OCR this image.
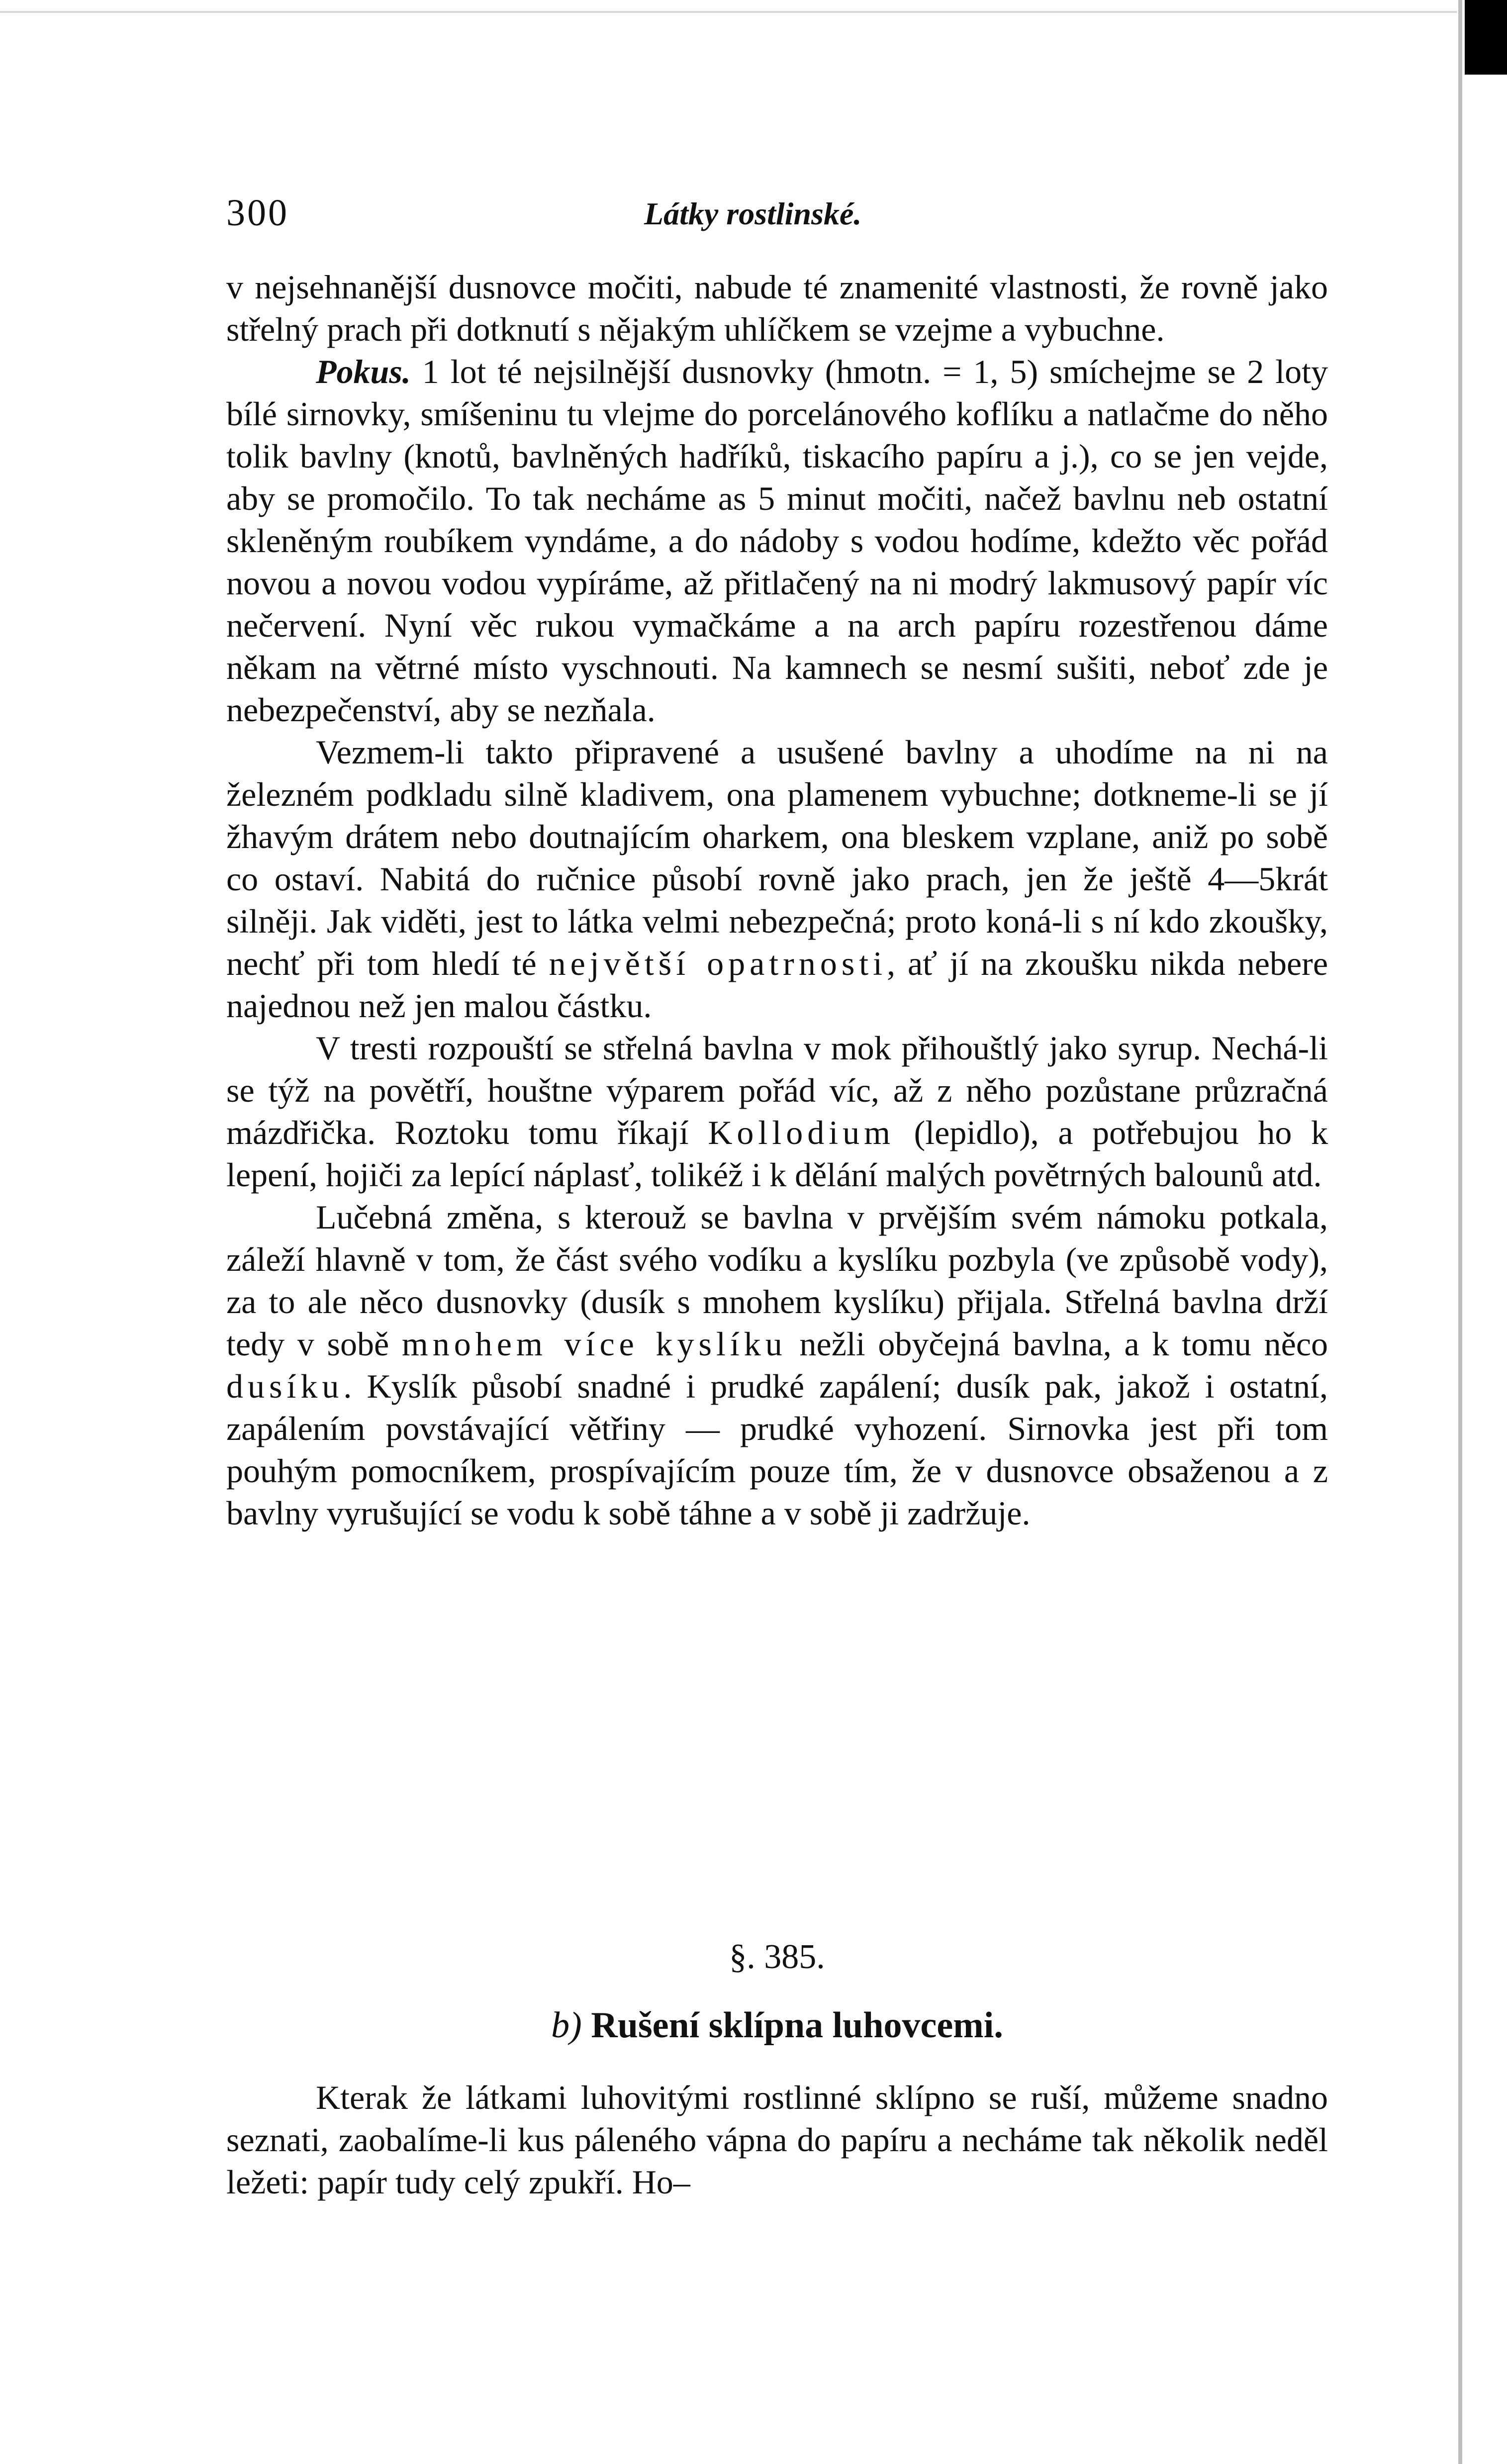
300	Látky rostlinské.

v nejsehnanější dusnovce močiti, nabude té znamenité vlastnosti, že rovně jako střelný prach při dotknutí s nějakým uhlíčkem se vzejme a vybuchne.

Pokus. 1 lot té nejsilnější dusnovky (hmotn. = 1, 5) smíchejme se 2 loty bílé sirnovky, smíšeninu tu vlejme do porcelánového koflíku a natlačme do něho tolik bavlny (knotů, bavlněných hadříků, tiskacího papíru a j.), co se jen vejde, aby se promočilo. To tak necháme as 5 minut močiti, načež bavlnu neb ostatní skleněným roubíkem vyndáme, a do nádoby s vodou hodíme, kdežto věc pořád novou a novou vodou vypíráme, až přitlačený na ni modrý lakmusový papír víc nečervení. Nyní věc rukou vymačkáme a na arch papíru rozestřenou dáme někam na větrné místo vyschnouti. Na kamnech se nesmí sušiti, neboť zde je nebezpečenství, aby se nezňala.

Vezmem-li takto připravené a usušené bavlny a uhodíme na ni na železném podkladu silně kladivem, ona plamenem vybuchne; dotkneme-li se jí žhavým drátem nebo doutnajícím oharkem, ona bleskem vzplane, aniž po sobě co ostaví. Nabitá do ručnice působí rovně jako prach, jen že ještě 4—5krát silněji. Jak viděti, jest to látka velmi nebezpečná; proto koná-li s ní kdo zkoušky, nechť při tom hledí té největší opatrnosti, ať jí na zkoušku nikda nebere najednou než jen malou částku.

V tresti rozpouští se střelná bavlna v mok přihouštlý jako syrup. Nechá-li se týž na povětří, houštne výparem pořád víc, až z něho pozůstane průzračná mázdřička. Roztoku tomu říkají Kollodium (lepidlo), a potřebujou ho k lepení, hojiči za lepící náplasť, tolikéž i k dělání malých povětrných balounů atd.

Lučebná změna, s kterouž se bavlna v prvějším svém námoku potkala, záleží hlavně v tom, že část svého vodíku a kyslíku pozbyla (ve způsobě vody), za to ale něco dusnovky (dusík s mnohem kyslíku) přijala. Střelná bavlna drží tedy v sobě mnohem více kyslíku nežli obyčejná bavlna, a k tomu něco dusíku. Kyslík působí snadné i prudké zapálení; dusík pak, jakož i ostatní, zapálením povstávající větřiny — prudké vyhození. Sirnovka jest při tom pouhým pomocníkem, prospívajícím pouze tím, že v dusnovce obsaženou a z bavlny vyrušující se vodu k sobě táhne a v sobě ji zadržuje.

§. 385.
b) Rušení sklípna luhovcemi.

Kterak že látkami luhovitými rostlinné sklípno se ruší, můžeme snadno seznati, zaobalíme-li kus páleného vápna do papíru a necháme tak několik neděl ležeti: papír tudy celý zpukří. Ho–
